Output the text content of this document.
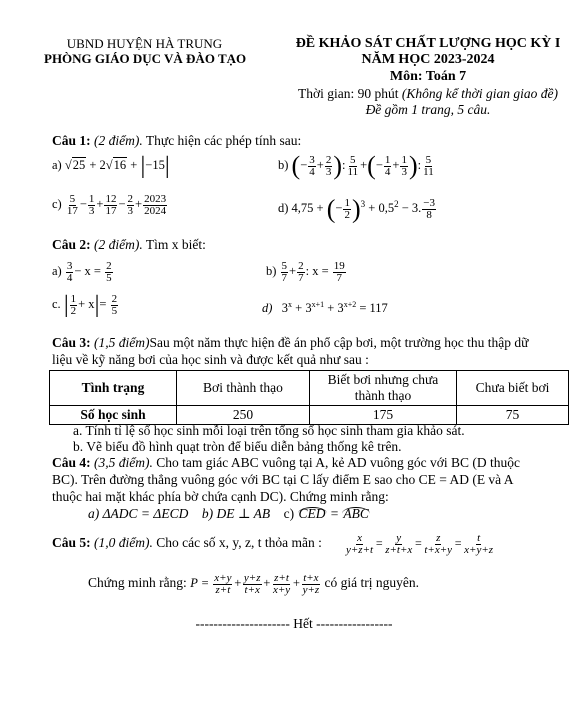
UBND HUYỆN HÀ TRUNG
PHÒNG GIÁO DỤC VÀ ĐÀO TẠO
ĐỀ KHẢO SÁT CHẤT LƯỢNG HỌC KỲ I
NĂM HỌC 2023-2024
Môn: Toán 7
Thời gian: 90 phút (Không kể thời gian giao đề)
Đề gồm 1 trang, 5 câu.
Câu 1: (2 điểm). Thực hiện các phép tính sau:
a) √25 + 2√16 + |−15|	b) (− $\frac{3}{4} + \frac{2}{3}$ ): $\frac{5}{11}$ +(− $\frac{1}{4} + \frac{1}{3}$ ): $\frac{5}{11}$
$c) \frac{5}{17} - \frac{1}{3} + \frac{12}{17} - \frac{2}{3} + \frac{2023}{2024}$	d) 4,75 + (− $\frac{1}{2} )^3 + 0,5^2 - 3$. $\frac{-3}{8}$
Câu 2: (2 điểm). Tìm x biết:
$a) \frac{3}{4} - x = \frac{2}{5}$	$b) \frac{5}{7} + \frac{2}{7}$ : $x = \frac{19}{7}$
c. | $\frac{1}{2} + x|= \frac{2}{5}$	d)   $3^x + 3^{x+1} + 3^{x+2} = 117$
Câu 3: (1,5 điểm)Sau một năm thực hiện đề án phổ cập bơi, một trường học thu thập dữ
liệu về kỹ năng bơi của học sinh và được kết quả như sau :
Tình trạng	Bơi thành thạo	Biết bơi nhưng chưa thành thạo	Chưa biết bơi
Số học sinh	250	175	75
a. Tính tỉ lệ số học sinh mỗi loại trên tổng số học sinh tham gia khảo sát.
b. Vẽ biểu đồ hình quạt tròn để biểu diễn bảng thống kê trên.
Câu 4: (3,5 điểm). Cho tam giác ABC vuông tại A, kẻ AD vuông góc với BC (D thuộc
BC). Trên đường thẳng vuông góc với BC tại C lấy điểm E sao cho CE = AD (E và A
thuộc hai mặt khác phía bờ chứa cạnh DC). Chứng minh rằng:
a) ΔADC = ΔECD b) DE ⊥ AB c) CED = ABC
Câu 5: (1,0 điểm). Cho các số x, y, z, t thỏa mãn : $\frac{x}{y+z+t} = \frac{y}{z+t+x} = \frac{z}{t+x+y} = \frac{t}{x+y+z}$
Chứng minh rằng: $P = \frac{x+y}{z+t} + \frac{y+z}{t+x} + \frac{z+t}{x+y} + \frac{t+x}{y+z}$ có giá trị nguyên.
--------------------- Hết -----------------
